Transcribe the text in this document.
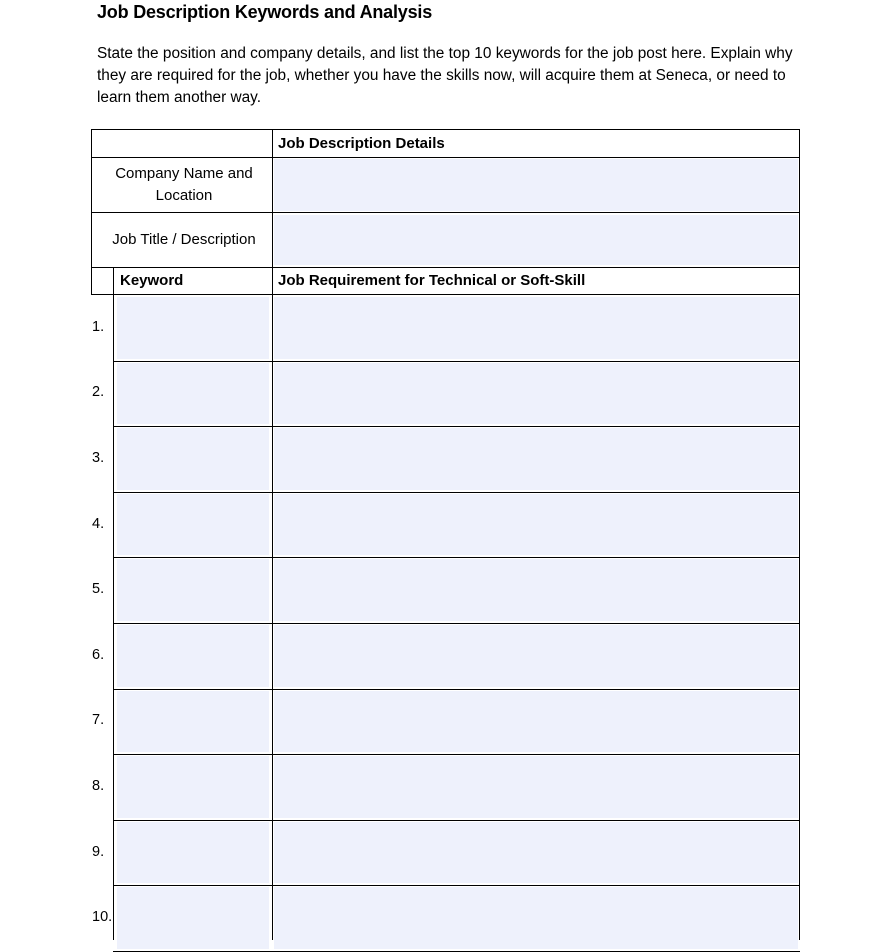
Job Description Keywords and Analysis
State the position and company details, and list the top 10 keywords for the job post here. Explain why they are required for the job, whether you have the skills now, will acquire them at Seneca, or need to learn them another way.
Job Description Details
Company Name and Location
Job Title / Description
Keyword	Job Requirement for Technical or Soft-Skill
1.
2.
3.
4.
5.
6.
7.
8.
9.
10.
